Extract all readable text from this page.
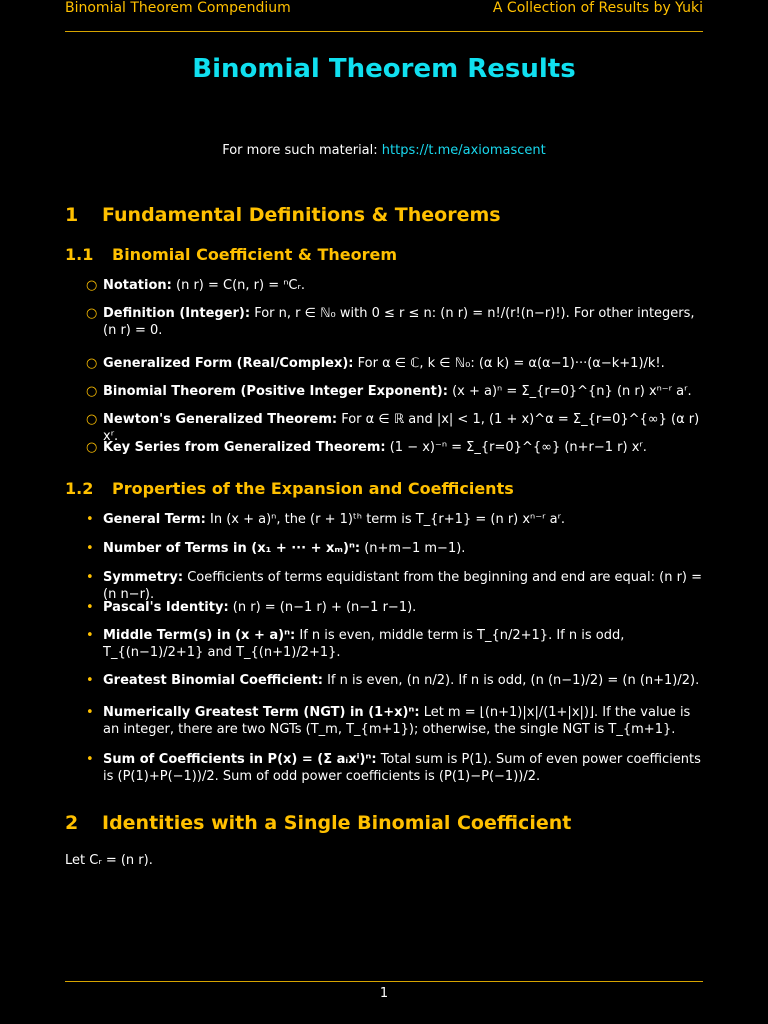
Binomial Theorem Compendium	A Collection of Results by Yuki
Binomial Theorem Results
For more such material: https://t.me/axiomascent
1 Fundamental Definitions & Theorems
1.1 Binomial Coefficient & Theorem
○ Notation: (n r) = C(n, r) = ⁿCᵣ.
○ Definition (Integer): For n, r ∈ ℕ₀ with 0 ≤ r ≤ n: (n r) = n!/(r!(n−r)!). For other integers, (n r) = 0.
○ Generalized Form (Real/Complex): For α ∈ ℂ, k ∈ ℕ₀: (α k) = α(α−1)···(α−k+1)/k!.
○ Binomial Theorem (Positive Integer Exponent): (x + a)ⁿ = Σ_{r=0}^{n} (n r) xⁿ⁻ʳ aʳ.
○ Newton's Generalized Theorem: For α ∈ ℝ and |x| < 1, (1 + x)^α = Σ_{r=0}^{∞} (α r) xʳ.
○ Key Series from Generalized Theorem: (1 − x)⁻ⁿ = Σ_{r=0}^{∞} (n+r−1 r) xʳ.
1.2 Properties of the Expansion and Coefficients
• General Term: In (x + a)ⁿ, the (r + 1)ᵗʰ term is T_{r+1} = (n r) xⁿ⁻ʳ aʳ.
• Number of Terms in (x₁ + ··· + xₘ)ⁿ: (n+m−1 m−1).
• Symmetry: Coefficients of terms equidistant from the beginning and end are equal: (n r) = (n n−r).
• Pascal's Identity: (n r) = (n−1 r) + (n−1 r−1).
• Middle Term(s) in (x + a)ⁿ: If n is even, middle term is T_{n/2+1}. If n is odd, T_{(n−1)/2+1} and T_{(n+1)/2+1}.
• Greatest Binomial Coefficient: If n is even, (n n/2). If n is odd, (n (n−1)/2) = (n (n+1)/2).
• Numerically Greatest Term (NGT) in (1+x)ⁿ: Let m = ⌊(n+1)|x|/(1+|x|)⌋. If the value is an integer, there are two NGTs (T_m, T_{m+1}); otherwise, the single NGT is T_{m+1}.
• Sum of Coefficients in P(x) = (Σ aᵢxⁱ)ⁿ: Total sum is P(1). Sum of even power coefficients is (P(1)+P(−1))/2. Sum of odd power coefficients is (P(1)−P(−1))/2.
2 Identities with a Single Binomial Coefficient
Let Cᵣ = (n r).
1
